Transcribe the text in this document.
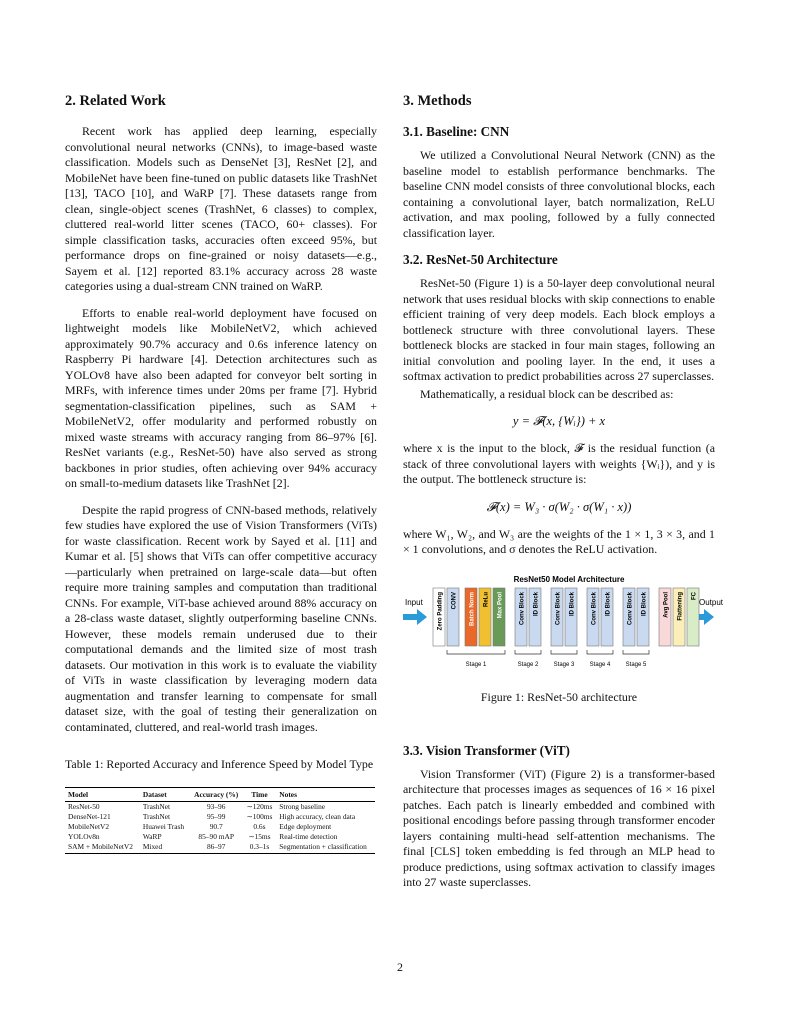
2. Related Work

Recent work has applied deep learning, especially convolutional neural networks (CNNs), to image-based waste classification. Models such as DenseNet [3], ResNet [2], and MobileNet have been fine-tuned on public datasets like TrashNet [13], TACO [10], and WaRP [7]. These datasets range from clean, single-object scenes (TrashNet, 6 classes) to complex, cluttered real-world litter scenes (TACO, 60+ classes). For simple classification tasks, accuracies often exceed 95%, but performance drops on fine-grained or noisy datasets—e.g., Sayem et al. [12] reported 83.1% accuracy across 28 waste categories using a dual-stream CNN trained on WaRP.

Efforts to enable real-world deployment have focused on lightweight models like MobileNetV2, which achieved approximately 90.7% accuracy and 0.6s inference latency on Raspberry Pi hardware [4]. Detection architectures such as YOLOv8 have also been adapted for conveyor belt sorting in MRFs, with inference times under 20ms per frame [7]. Hybrid segmentation-classification pipelines, such as SAM + MobileNetV2, offer modularity and performed robustly on mixed waste streams with accuracy ranging from 86–97% [6]. ResNet variants (e.g., ResNet-50) have also served as strong backbones in prior studies, often achieving over 94% accuracy on small-to-medium datasets like TrashNet [2].

Despite the rapid progress of CNN-based methods, relatively few studies have explored the use of Vision Transformers (ViTs) for waste classification. Recent work by Sayed et al. [11] and Kumar et al. [5] shows that ViTs can offer competitive accuracy—particularly when pretrained on large-scale data—but often require more training samples and computation than traditional CNNs. For example, ViT-base achieved around 88% accuracy on a 28-class waste dataset, slightly outperforming baseline CNNs. However, these models remain underused due to their computational demands and the limited size of most trash datasets. Our motivation in this work is to evaluate the viability of ViTs in waste classification by leveraging modern data augmentation and transfer learning to compensate for small dataset size, with the goal of testing their generalization on contaminated, cluttered, and real-world trash images.

Table 1: Reported Accuracy and Inference Speed by Model Type
Model	Dataset	Accuracy (%)	Time	Notes
ResNet-50	TrashNet	93–96	∼120ms	Strong baseline
DenseNet-121	TrashNet	95–99	∼100ms	High accuracy, clean data
MobileNetV2	Huawei Trash	90.7	0.6s	Edge deployment
YOLOv8n	WaRP	85–90 mAP	∼15ms	Real-time detection
SAM + MobileNetV2	Mixed	86–97	0.3–1s	Segmentation + classification
3. Methods
3.1. Baseline: CNN

We utilized a Convolutional Neural Network (CNN) as the baseline model to establish performance benchmarks. The baseline CNN model consists of three convolutional blocks, each containing a convolutional layer, batch normalization, ReLU activation, and max pooling, followed by a fully connected classification layer.

3.2. ResNet-50 Architecture

ResNet-50 (Figure 1) is a 50-layer deep convolutional neural network that uses residual blocks with skip connections to enable efficient training of very deep models. Each block employs a bottleneck structure with three convolutional layers. These bottleneck blocks are stacked in four main stages, following an initial convolution and pooling layer. In the end, it uses a softmax activation to predict probabilities across 27 superclasses.

Mathematically, a residual block can be described as:

y = 𝓕(x, {Wᵢ}) + x

where x is the input to the block, 𝓕 is the residual function (a stack of three convolutional layers with weights {Wᵢ}), and y is the output. The bottleneck structure is:

𝓕(x) = W₃ · σ(W₂ · σ(W₁ · x))

where W₁, W₂, and W₃ are the weights of the 1 × 1, 3 × 3, and 1 × 1 convolutions, and σ denotes the ReLU activation.

ResNet50 Model Architecture
Input	Output
Zero Padding CONV Batch Norm ReLu Max Pool	Conv Block ID Block	Conv Block ID Block	Conv Block ID Block	Conv Block ID Block	Avg Pool Flattening FC
Stage 1	Stage 2	Stage 3	Stage 4	Stage 5
Figure 1: ResNet-50 architecture
3.3. Vision Transformer (ViT)

Vision Transformer (ViT) (Figure 2) is a transformer-based architecture that processes images as sequences of 16 × 16 pixel patches. Each patch is linearly embedded and combined with positional encodings before passing through transformer encoder layers containing multi-head self-attention mechanisms. The final [CLS] token embedding is fed through an MLP head to produce predictions, using softmax activation to classify images into 27 waste superclasses.

2
